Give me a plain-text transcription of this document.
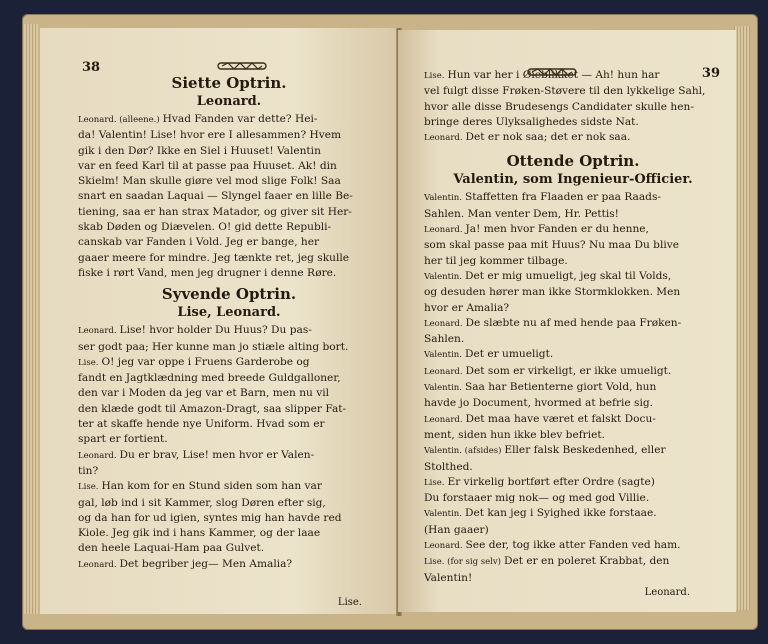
38
Siette Optrin.
Leonard.

Leonard. (alleene.) Hvad Fanden var dette? Hei-

da! Valentin! Lise! hvor ere I allesammen? Hvem

gik i den Dør? Ikke en Siel i Huuset! Valentin

var en feed Karl til at passe paa Huuset. Ak! din

Skielm! Man skulle giøre vel mod slige Folk! Saa

snart en saadan Laquai — Slyngel faaer en lille Be-

tiening, saa er han strax Matador, og giver sit Her-

skab Døden og Diævelen. O! gid dette Republi-

canskab var Fanden i Vold. Jeg er bange, her

gaaer meere for mindre. Jeg tænkte ret, jeg skulle

fiske i rørt Vand, men jeg drugner i denne Røre.

Syvende Optrin.
Lise, Leonard.

Leonard. Lise! hvor holder Du Huus? Du pas-

ser godt paa; Her kunne man jo stiæle alting bort.

Lise. O! jeg var oppe i Fruens Garderobe og

fandt en Jagtklædning med breede Guldgalloner,

den var i Moden da jeg var et Barn, men nu vil

den klæde godt til Amazon-Dragt, saa slipper Fat-

ter at skaffe hende nye Uniform. Hvad som er

spart er fortient.

Leonard. Du er brav, Lise! men hvor er Valen-

tin?

Lise. Han kom for en Stund siden som han var

gal, løb ind i sit Kammer, slog Døren efter sig,

og da han for ud igien, syntes mig han havde red

Kiole. Jeg gik ind i hans Kammer, og der laae

den heele Laquai-Ham paa Gulvet.

Leonard. Det begriber jeg— Men Amalia?

Lise.
39

Lise. Hun var her i Øieblikket — Ah! hun har

vel fulgt disse Frøken-Støvere til den lykkelige Sahl,

hvor alle disse Brudesengs Candidater skulle hen-

bringe deres Ulyksalighedes sidste Nat.

Leonard. Det er nok saa; det er nok saa.

Ottende Optrin.
Valentin, som Ingenieur-Officier.

Valentin. Staffetten fra Flaaden er paa Raads-

Sahlen. Man venter Dem, Hr. Pettis!

Leonard. Ja! men hvor Fanden er du henne,

som skal passe paa mit Huus? Nu maa Du blive

her til jeg kommer tilbage.

Valentin. Det er mig umueligt, jeg skal til Volds,

og desuden hører man ikke Stormklokken. Men

hvor er Amalia?

Leonard. De slæbte nu af med hende paa Frøken-

Sahlen.

Valentin. Det er umueligt.

Leonard. Det som er virkeligt, er ikke umueligt.

Valentin. Saa har Betienterne giort Vold, hun

havde jo Document, hvormed at befrie sig.

Leonard. Det maa have været et falskt Docu-

ment, siden hun ikke blev befriet.

Valentin. (afsides) Eller falsk Beskedenhed, eller

Stolthed.

Lise. Er virkelig bortført efter Ordre (sagte)

Du forstaaer mig nok— og med god Villie.

Valentin. Det kan jeg i Syighed ikke forstaae.

(Han gaaer)

Leonard. See der, tog ikke atter Fanden ved ham.

Lise. (for sig selv) Det er en poleret Krabbat, den

Valentin!

Leonard.
